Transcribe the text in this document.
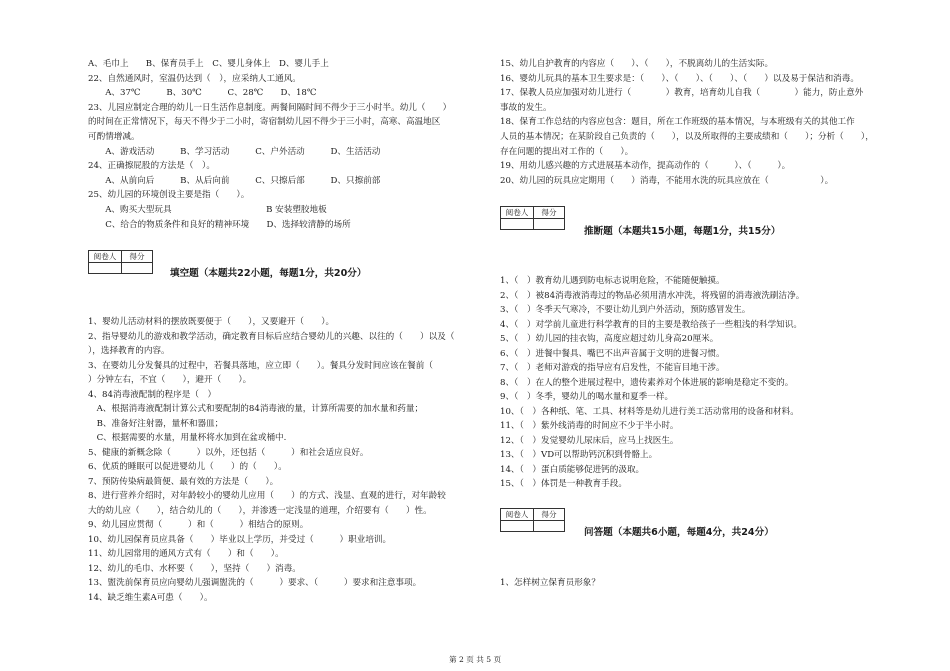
A、毛巾上　　B、保育员手上　C、婴儿身体上　D、婴儿手上
22、自然通风时，室温仍达到（　），应采纳人工通风。
　　A、37℃　　　B、30℃　　　C、28℃　　D、18℃
23、儿园应制定合理的幼儿一日生活作息制度。两餐间隔时间不得少于三小时半。幼儿（　　）
的时间在正常情况下，每天不得少于二小时，寄宿制幼儿园不得少于三小时，高寒、高温地区
可酌情增减。
　　A、游戏活动　　　B、学习活动　　　C、户外活动　　　D、生活活动
24、正确擦屁股的方法是（　）。
　　A、从前向后　　　B、从后向前　　　C、只擦后部　　　D、只擦前部
25、幼儿园的环境创设主要是指（　　）。
　　A、购买大型玩具　　　　　　　　　　　B 安装塑胶地板
　　C、给合的物质条件和良好的精神环境　　D、选择较清静的场所
阅卷人	得分

填空题（本题共22小题，每题1分，共20分）
1、婴幼儿活动材料的摆放既要便于（　　），又要避开（　　）。
2、指导婴幼儿的游戏和教学活动，确定教育目标后应结合婴幼儿的兴趣、以往的（　　）以及（
），选择教育的内容。
3、在婴幼儿分发餐具的过程中，若餐具落地，应立即（　　）。餐具分发时间应该在餐前（　
）分钟左右，不宜（　　），避开（　　）。
4、84消毒液配制的程序是（　）
　A、根据消毒液配制计算公式和要配制的84消毒液的量，计算所需要的加水量和药量；
　B、准备好注射器，量杯和器皿；
　C、根据需要的水量，用量杯将水加到在盆或桶中.
5、健康的新概念除（　　　）以外，还包括（　　　）和社会适应良好。
6、优质的睡眠可以促进婴幼儿（　　）的（　　）。
7、预防传染病最简便、最有效的方法是（　　）。
8、进行营养介绍时，对年龄较小的婴幼儿应用（　　）的方式、浅显、直观的进行，对年龄较
大的幼儿应（　　），结合幼儿的（　　），并渗透一定浅显的道理，介绍要有（　　）性。
9、幼儿园应贯彻（　　　）和（　　　）相结合的原则。
10、幼儿园保育员应具备（　　）毕业以上学历，并受过（　　　）职业培训。
11、幼儿园常用的通风方式有（　　）和（　　）。
12、幼儿的毛巾、水杯要（　　），坚持（　　）消毒。
13、盥洗前保育员应向婴幼儿强调盥洗的（　　　）要求、（　　　）要求和注意事项。
14、缺乏维生素A可患（　　）。
15、幼儿自护教育的内容应（　　）、（　　），不脱离幼儿的生活实际。
16、婴幼儿玩具的基本卫生要求是：（　　）、（　　）、（　　）、（　　）以及易于保洁和消毒。
17、保教人员应加强对幼儿进行（　　　　）教育，培育幼儿自我（　　　　）能力，防止意外
事故的发生。
18、保育工作总结的内容应包含：题目，所在工作班级的基本情况，与本班级有关的其他工作
人员的基本情况；在某阶段自己负责的（　　），以及所取得的主要成绩和（　　）；分析（　　），
存在问题的提出对工作的（　　）。
19、用幼儿感兴趣的方式进展基本动作，提高动作的（　　　）、（　　　）。
20、幼儿园的玩具应定期用（　　）消毒，不能用水洗的玩具应放在（　　　　　　）。
阅卷人	得分

推断题（本题共15小题，每题1分，共15分）
1、（　）教育幼儿遇到防电标志说明危险，不能随便触摸。
2、（　）被84消毒液消毒过的物品必须用清水冲洗，将残留的消毒液洗刷洁净。
3、（　）冬季天气寒冷，不要让幼儿到户外活动，预防感冒发生。
4、（　）对学前儿童进行科学教育的目的主要是教给孩子一些粗浅的科学知识。
5、（　）幼儿园的挂衣钩，高度应超过幼儿身高20厘米。
6、（　）进餐中餐具、嘴巴不出声音属于文明的进餐习惯。
7、（　）老师对游戏的指导应有启发性，不能盲目地干涉。
8、（　）在人的整个进展过程中，遗传素养对个体进展的影响是稳定不变的。
9、（　）冬季，婴幼儿的喝水量和夏季一样。
10、（　）各种纸、笔、工具、材料等是幼儿进行美工活动常用的设备和材料。
11、（　）紫外线消毒的时间应不少于半小时。
12、（　）发觉婴幼儿尿床后，应马上找医生。
13、（　）VD可以帮助钙沉积到骨骼上。
14、（　）蛋白质能够促进钙的汲取。
15、（　）体罚是一种教育手段。
阅卷人	得分

问答题（本题共6小题，每题4分，共24分）
1、怎样树立保育员形象？
第 2 页 共 5 页
